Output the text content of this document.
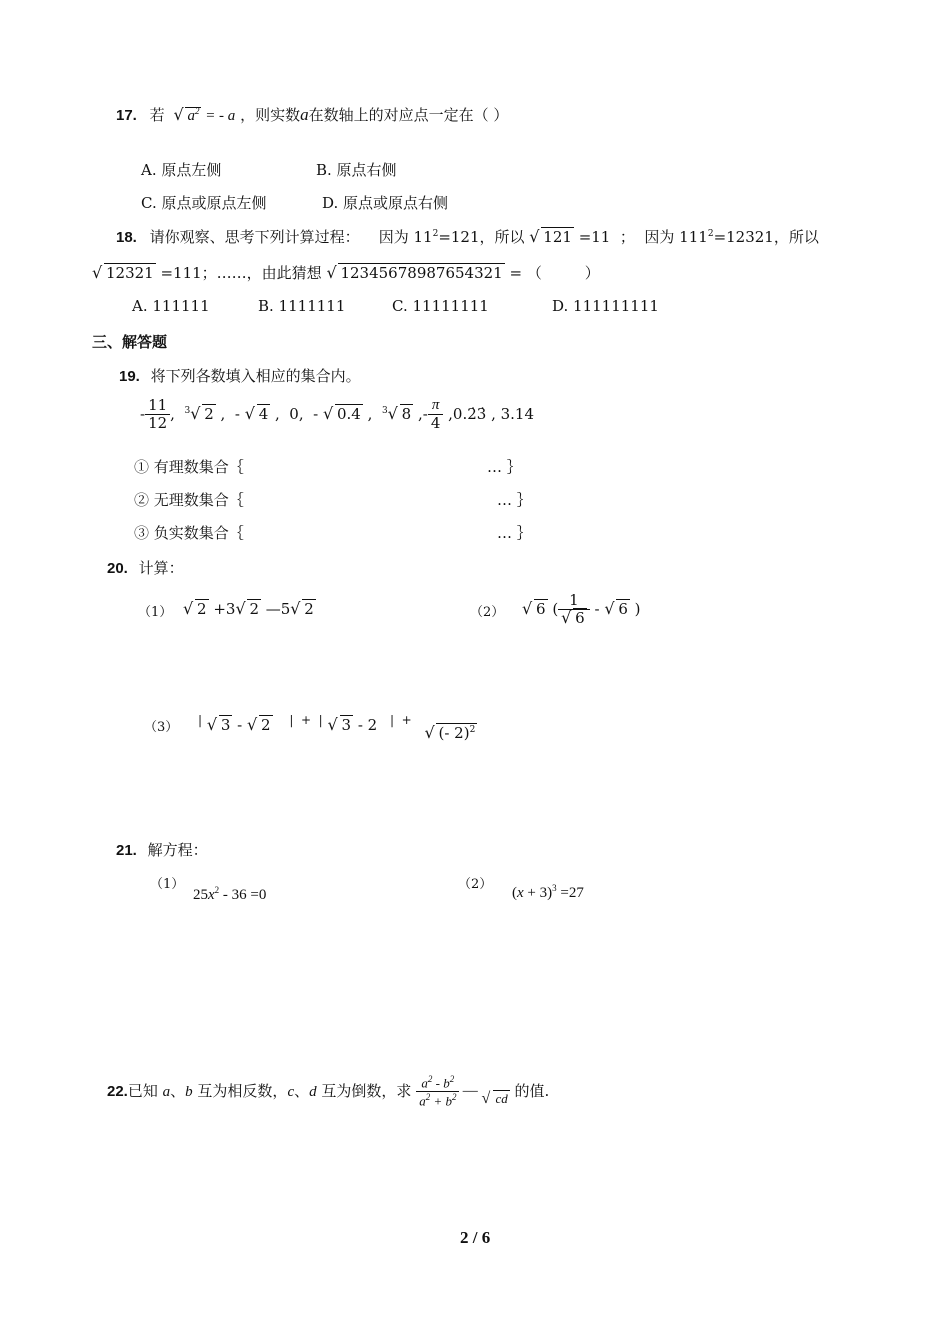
17. 若 √ $a^2$ = - a ，则实数a在数轴上的对应点一定在（ ）
A. 原点左侧	B. 原点右侧
C. 原点或原点左侧	D. 原点或原点右侧
18. 请你观察、思考下列计算过程：    因为 $11^2=121$，所以 √ 121 =11  ；  因为 $111^2=12321$，所以
√ 12321 =111；……，由此猜想 √ 12345678987654321 = （         ）
A. 111111	B. 1111111	C. 11111111	D. 111111111
三、解答题
19. 将下列各数填入相应的集合内。
- $\frac{11}{12}$ ,  $^3$ √ 2 ,  - √ 4 ,  0,  - √ 0.4 ,  $^3$ √ 8 ,- $\frac{\pi}{4}$ ,0.2̇3̇ , 3.14
① 有理数集合｛	… ｝
② 无理数集合｛	… ｝
③ 负实数集合｛	… ｝
20. 计算：
（1）	√ 2 +3 √ 2 —5 √ 2	（2）	√ 6 ( 1
√ 6 - √ 6 )
（3） | √ 3 - √ 2 |  +  | √ 3 - 2 |  + √ (- 2)$^2$
21. 解方程：
（1）
$25x^2 - 36 =0$
（2）
$(x + 3)^3 =27$
22.已知 a、b 互为相反数，c、d 互为倒数，求 $\frac{a^2 - b^2}{a^2 + b^2}$ — √ cd 的值.
2 / 6
